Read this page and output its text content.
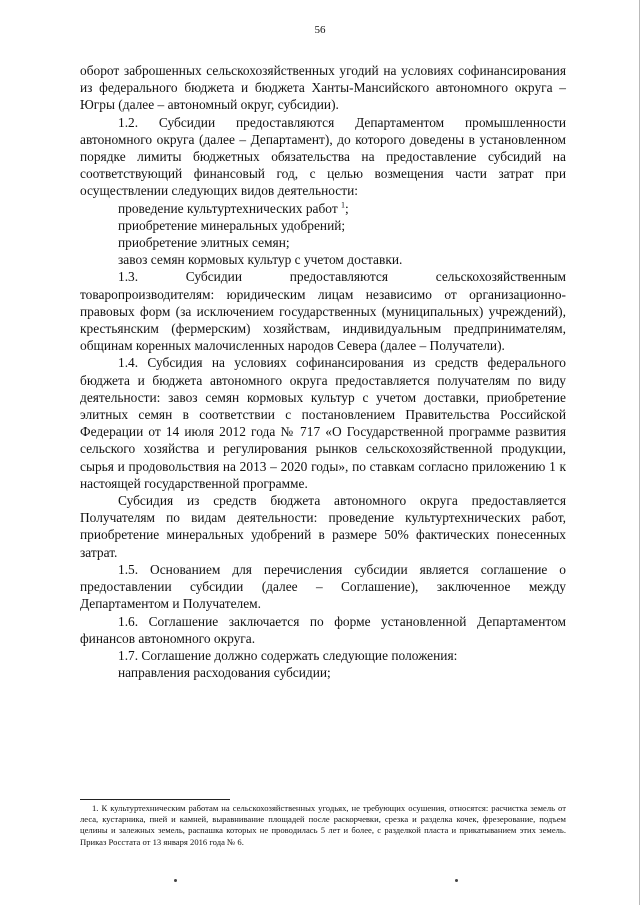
56

оборот заброшенных сельскохозяйственных угодий на условиях софинансирования из федерального бюджета и бюджета Ханты-Мансийского автономного округа – Югры (далее – автономный округ, субсидии).

1.2. Субсидии предоставляются Департаментом промышленности автономного округа (далее – Департамент), до которого доведены в установленном порядке лимиты бюджетных обязательства на предоставление субсидий на соответствующий финансовый год, с целью возмещения части затрат при осуществлении следующих видов деятельности:

проведение культуртехнических работ $^1$;

приобретение минеральных удобрений;

приобретение элитных семян;

завоз семян кормовых культур с учетом доставки.

1.3. Субсидии предоставляются сельскохозяйственным товаропроизводителям: юридическим лицам независимо от организационно-правовых форм (за исключением государственных (муниципальных) учреждений), крестьянским (фермерским) хозяйствам, индивидуальным предпринимателям, общинам коренных малочисленных народов Севера (далее – Получатели).

1.4. Субсидия на условиях софинансирования из средств федерального бюджета и бюджета автономного округа предоставляется получателям по виду деятельности: завоз семян кормовых культур с учетом доставки, приобретение элитных семян в соответствии с постановлением Правительства Российской Федерации от 14 июля 2012 года № 717 «О Государственной программе развития сельского хозяйства и регулирования рынков сельскохозяйственной продукции, сырья и продовольствия на 2013 – 2020 годы», по ставкам согласно приложению 1 к настоящей государственной программе.

Субсидия из средств бюджета автономного округа предоставляется Получателям по видам деятельности: проведение культуртехнических работ, приобретение минеральных удобрений в размере 50% фактических понесенных затрат.

1.5. Основанием для перечисления субсидии является соглашение о предоставлении субсидии (далее – Соглашение), заключенное между Департаментом и Получателем.

1.6. Соглашение заключается по форме установленной Департаментом финансов автономного округа.

1.7. Соглашение должно содержать следующие положения:

направления расходования субсидии;

1. К культуртехническим работам на сельскохозяйственных угодьях, не требующих осушения, относятся: расчистка земель от леса, кустарника, пней и камней, выравнивание площадей после раскорчевки, срезка и разделка кочек, фрезерование, подъем целины и залежных земель, распашка которых не проводилась 5 лет и более, с разделкой пласта и прикатыванием этих земель. Приказ Росстата от 13 января 2016 года № 6.
